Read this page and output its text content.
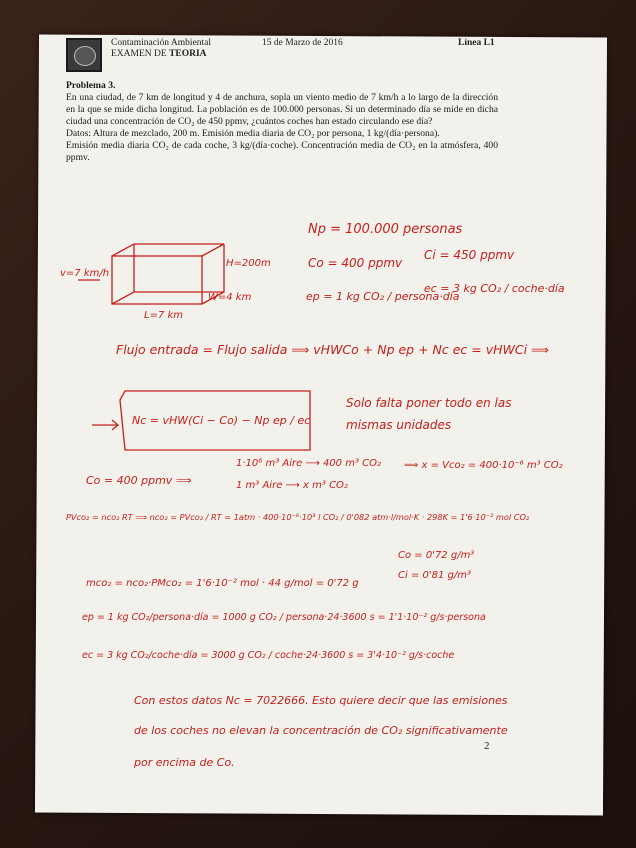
Contaminación Ambiental
EXAMEN DE TEORIA
15 de Marzo de 2016	Línea L1

Problema 3.

En una ciudad, de 7 km de longitud y 4 de anchura, sopla un viento medio de 7 km/h a lo largo de la dirección en la que se mide dicha longitud. La población es de 100.000 personas. Si un determinado día se mide en dicha ciudad una concentración de CO₂ de 450 ppmv, ¿cuántos coches han estado circulando ese día?

Datos: Altura de mezclado, 200 m. Emisión media diaria de CO₂ por persona, 1 kg/(día·persona).

Emisión media diaria CO₂ de cada coche, 3 kg/(día·coche). Concentración media de CO₂ en la atmósfera, 400 ppmv.

v=7 km/h
H=200m
W=4 km
L=7 km
Np = 100.000 personas
Co = 400 ppmv
Ci = 450 ppmv
ep = 1 kg CO₂ / persona·día
ec = 3 kg CO₂ / coche·día
Flujo entrada = Flujo salida ⟹ vHWCo + Np ep + Nc ec = vHWCi ⟹
Nc = vHW(Ci − Co) − Np ep / ec
Solo falta poner todo en las
mismas unidades
Co = 400 ppmv ⟹
1·10⁶ m³ Aire ⟶ 400 m³ CO₂
1 m³ Aire ⟶ x m³ CO₂
⟹ x = Vco₂ = 400·10⁻⁶ m³ CO₂
PVco₂ = nco₂ RT ⟹ nco₂ = PVco₂ / RT = 1atm · 400·10⁻⁶·10³ l CO₂ / 0'082 atm·l/mol·K · 298K = 1'6·10⁻² mol CO₂
mco₂ = nco₂·PMco₂ = 1'6·10⁻² mol · 44 g/mol = 0'72 g
Co = 0'72 g/m³
Ci = 0'81 g/m³
ep = 1 kg CO₂/persona·día = 1000 g CO₂ / persona·24·3600 s = 1'1·10⁻² g/s·persona
ec = 3 kg CO₂/coche·día = 3000 g CO₂ / coche·24·3600 s = 3'4·10⁻² g/s·coche
Con estos datos Nc = 7022666. Esto quiere decir que las emisiones
de los coches no elevan la concentración de CO₂ significativamente
por encima de Co.
2
